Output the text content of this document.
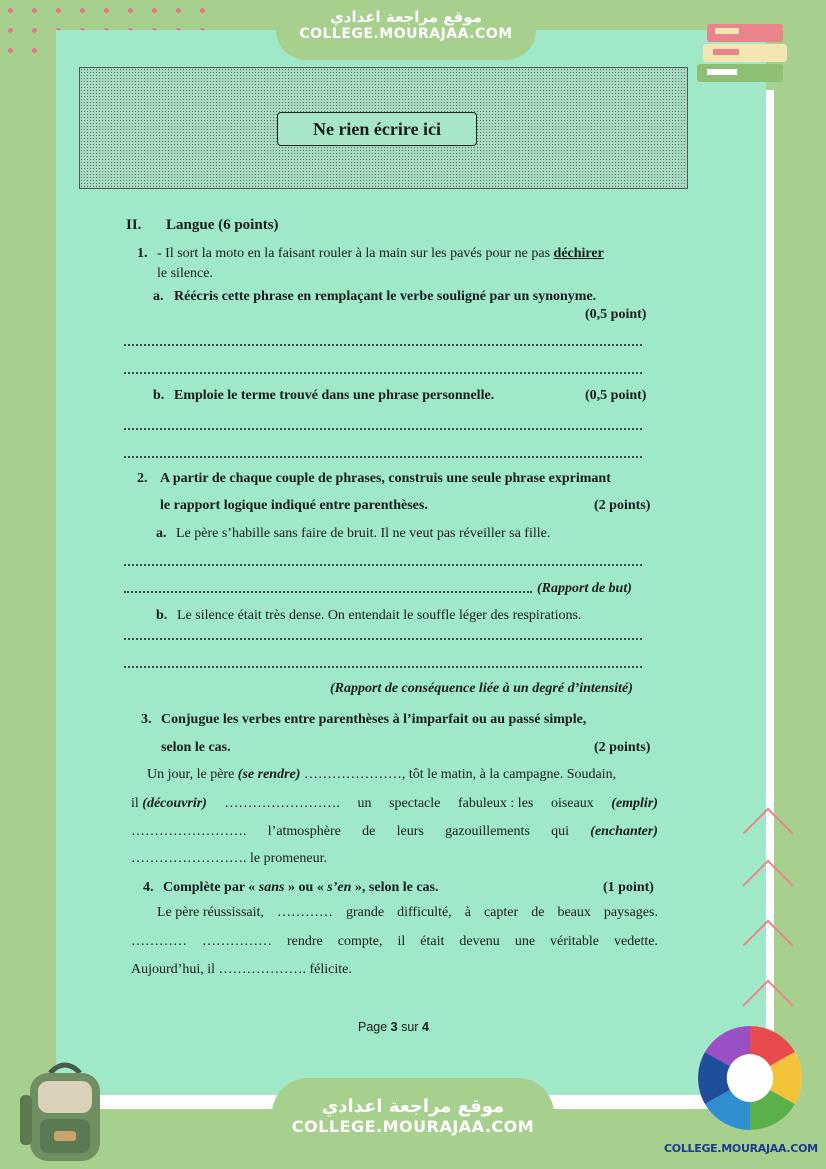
موقع مراجعة اعدادي
COLLEGE.MOURAJAA.COM
Ne rien écrire ici
II. Langue (6 points)
1. - Il sort la moto en la faisant rouler à la main sur les pavés pour ne pas déchirer
le silence.
a. Réécris cette phrase en remplaçant le verbe souligné par un synonyme.
(0,5 point)
b. Emploie le terme trouvé dans une phrase personnelle.	(0,5 point)
2. A partir de chaque couple de phrases, construis une seule phrase exprimant
le rapport logique indiqué entre parenthèses.	(2 points)
a. Le père s’habille sans faire de bruit. Il ne veut pas réveiller sa fille.
(Rapport de but)
b. Le silence était très dense. On entendait le souffle léger des respirations.
(Rapport de conséquence liée à un degré d’intensité)
3. Conjugue les verbes entre parenthèses à l’imparfait ou au passé simple,
selon le cas.	(2 points)
Un jour, le père (se rendre) …………………, tôt le matin, à la campagne. Soudain,
il (découvrir) ……………………. un spectacle fabuleux : les oiseaux (emplir)
……………………. l’atmosphère de leurs gazouillements qui (enchanter)
……………………. le promeneur.
4. Complète par « sans » ou « s’en », selon le cas.	(1 point)
Le père réussissait, ………… grande difficulté, à capter de beaux paysages.
………… …………… rendre compte, il était devenu une véritable vedette.
Aujourd’hui, il ………………. félicite.
Page 3 sur 4
موقع مراجعة اعدادي
COLLEGE.MOURAJAA.COM
COLLEGE.MOURAJAA.COM
